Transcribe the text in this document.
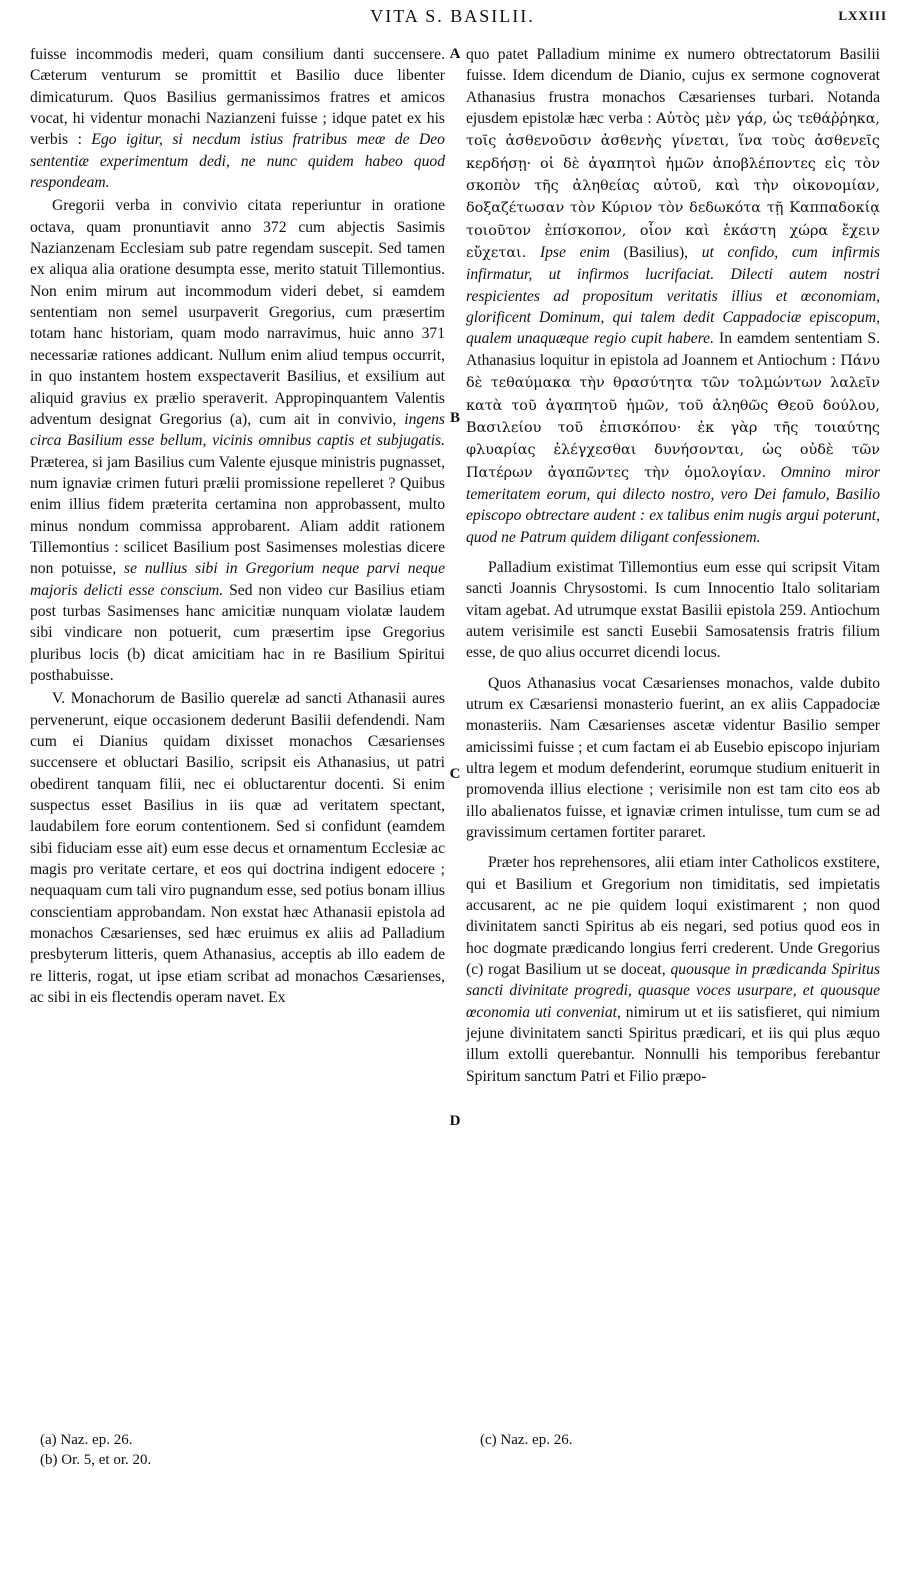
VITA S. BASILII.	LXXIII

fuisse incommodis mederi, quam consilium danti succensere. Cæterum venturum se promittit et Basilio duce libenter dimicaturum. Quos Basilius germanissimos fratres et amicos vocat, hi videntur monachi Nazianzeni fuisse ; idque patet ex his verbis : Ego igitur, si necdum istius fratribus meæ de Deo sententiæ experimentum dedi, ne nunc quidem habeo quod respondeam.

Gregorii verba in convivio citata reperiuntur in oratione octava, quam pronuntiavit anno 372 cum abjectis Sasimis Nazianzenam Ecclesiam sub patre regendam suscepit. Sed tamen ex aliqua alia oratione desumpta esse, merito statuit Tillemontius. Non enim mirum aut incommodum videri debet, si eamdem sententiam non semel usurpaverit Gregorius, cum præsertim totam hanc historiam, quam modo narravimus, huic anno 371 necessariæ rationes addicant. Nullum enim aliud tempus occurrit, in quo instantem hostem exspectaverit Basilius, et exsilium aut aliquid gravius ex prælio speraverit. Appropinquantem Valentis adventum designat Gregorius (a), cum ait in convivio, ingens circa Basilium esse bellum, vicinis omnibus captis et subjugatis. Præterea, si jam Basilius cum Valente ejusque ministris pugnasset, num ignaviæ crimen futuri prælii promissione repelleret ? Quibus enim illius fidem præterita certamina non approbassent, multo minus nondum commissa approbarent. Aliam addit rationem Tillemontius : scilicet Basilium post Sasimenses molestias dicere non potuisse, se nullius sibi in Gregorium neque parvi neque majoris delicti esse conscium. Sed non video cur Basilius etiam post turbas Sasimenses hanc amicitiæ nunquam violatæ laudem sibi vindicare non potuerit, cum præsertim ipse Gregorius pluribus locis (b) dicat amicitiam hac in re Basilium Spiritui posthabuisse.

V. Monachorum de Basilio querelæ ad sancti Athanasii aures pervenerunt, eique occasionem dederunt Basilii defendendi. Nam cum ei Dianius quidam dixisset monachos Cæsarienses succensere et obluctari Basilio, scripsit eis Athanasius, ut patri obedirent tanquam filii, nec ei obluctarentur docenti. Si enim suspectus esset Basilius in iis quæ ad veritatem spectant, laudabilem fore eorum contentionem. Sed si confidunt (eamdem sibi fiduciam esse ait) eum esse decus et ornamentum Ecclesiæ ac magis pro veritate certare, et eos qui doctrina indigent edocere ; nequaquam cum tali viro pugnandum esse, sed potius bonam illius conscientiam approbandam. Non exstat hæc Athanasii epistola ad monachos Cæsarienses, sed hæc eruimus ex aliis ad Palladium presbyterum litteris, quem Athanasius, acceptis ab illo eadem de re litteris, rogat, ut ipse etiam scribat ad monachos Cæsarienses, ac sibi in eis flectendis operam navet. Ex

quo patet Palladium minime ex numero obtrectatorum Basilii fuisse. Idem dicendum de Dianio, cujus ex sermone cognoverat Athanasius frustra monachos Cæsarienses turbari. Notanda ejusdem epistolæ hæc verba : Αὐτὸς μὲν γάρ, ὡς τεθάῤῥηκα, τοῖς ἀσθενοῦσιν ἀσθενὴς γίνεται, ἵνα τοὺς ἀσθενεῖς κερδήσῃ· οἱ δὲ ἀγαπητοὶ ἡμῶν ἀποβλέποντες εἰς τὸν σκοπὸν τῆς ἀληθείας αὐτοῦ, καὶ τὴν οἰκονομίαν, δοξαζέτωσαν τὸν Κύριον τὸν δεδωκότα τῇ Καππαδοκίᾳ τοιοῦτον ἐπίσκοπον, οἷον καὶ ἑκάστη χώρα ἔχειν εὔχεται. Ipse enim (Basilius), ut confido, cum infirmis infirmatur, ut infirmos lucrifaciat. Dilecti autem nostri respicientes ad propositum veritatis illius et œconomiam, glorificent Dominum, qui talem dedit Cappadociæ episcopum, qualem unaquæque regio cupit habere. In eamdem sententiam S. Athanasius loquitur in epistola ad Joannem et Antiochum : Πάνυ δὲ τεθαύμακα τὴν θρασύτητα τῶν τολμώντων λαλεῖν κατὰ τοῦ ἀγαπητοῦ ἡμῶν, τοῦ ἀληθῶς Θεοῦ δούλου, Βασιλείου τοῦ ἐπισκόπου· ἐκ γὰρ τῆς τοιαύτης φλυαρίας ἐλέγχεσθαι δυνήσονται, ὡς οὐδὲ τῶν Πατέρων ἀγαπῶντες τὴν ὁμολογίαν. Omnino miror temeritatem eorum, qui dilecto nostro, vero Dei famulo, Basilio episcopo obtrectare audent : ex talibus enim nugis argui poterunt, quod ne Patrum quidem diligant confessionem.

Palladium existimat Tillemontius eum esse qui scripsit Vitam sancti Joannis Chrysostomi. Is cum Innocentio Italo solitariam vitam agebat. Ad utrumque exstat Basilii epistola 259. Antiochum autem verisimile est sancti Eusebii Samosatensis fratris filium esse, de quo alius occurret dicendi locus.

Quos Athanasius vocat Cæsarienses monachos, valde dubito utrum ex Cæsariensi monasterio fuerint, an ex aliis Cappadociæ monasteriis. Nam Cæsarienses ascetæ videntur Basilio semper amicissimi fuisse ; et cum factam ei ab Eusebio episcopo injuriam ultra legem et modum defenderint, eorumque studium enituerit in promovenda illius electione ; verisimile non est tam cito eos ab illo abalienatos fuisse, et ignaviæ crimen intulisse, tum cum se ad gravissimum certamen fortiter pararet.

Præter hos reprehensores, alii etiam inter Catholicos exstitere, qui et Basilium et Gregorium non timiditatis, sed impietatis accusarent, ac ne pie quidem loqui existimarent ; non quod divinitatem sancti Spiritus ab eis negari, sed potius quod eos in hoc dogmate prædicando longius ferri crederent. Unde Gregorius (c) rogat Basilium ut se doceat, quousque in prædicanda Spiritus sancti divinitate progredi, quasque voces usurpare, et quousque œconomia uti conveniat, nimirum ut et iis satisfieret, qui nimium jejune divinitatem sancti Spiritus prædicari, et iis qui plus æquo illum extolli querebantur. Nonnulli his temporibus ferebantur Spiritum sanctum Patri et Filio præpo-

A
B
C
D
(a) Naz. ep. 26.
(b) Or. 5, et or. 20.
(c) Naz. ep. 26.
